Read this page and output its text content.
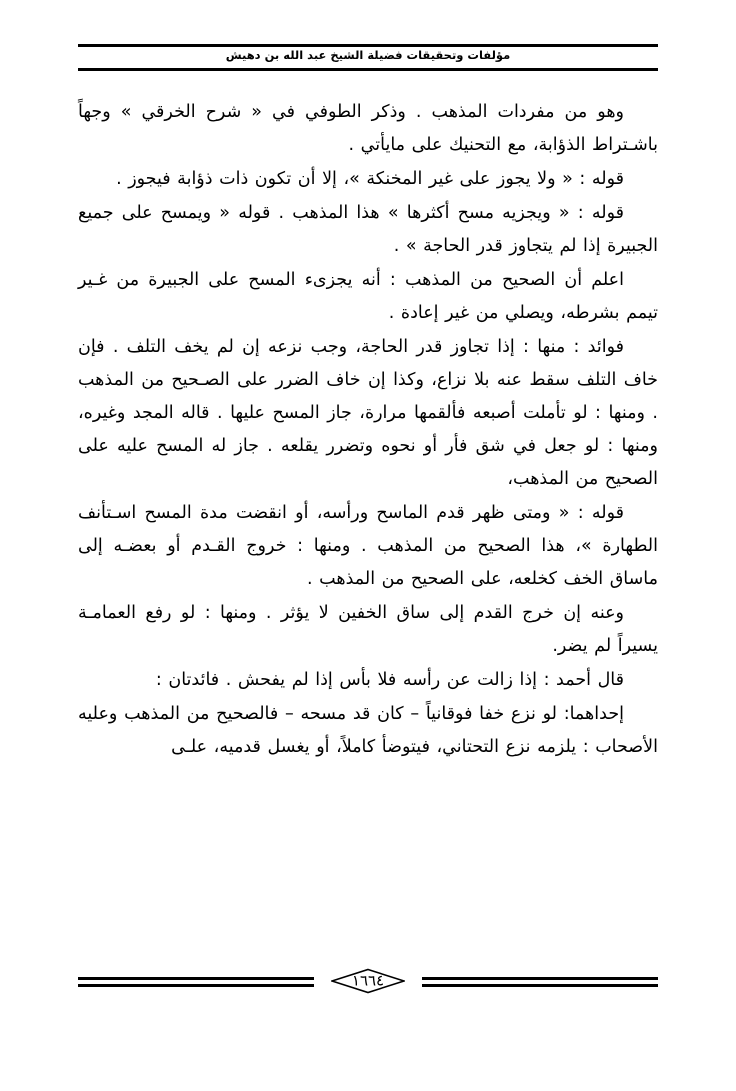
مؤلفات وتحقيقات فضيلة الشيخ عبد الله بن دهيش

وهو من مفردات المذهب . وذكر الطوفي في « شرح الخرقي » وجهاً باشـتراط الذؤابة، مع التحنيك على مايأتي .

قوله : « ولا يجوز على غير المخنكة »، إلا أن تكون ذات ذؤابة فيجوز .

قوله : « ويجزيه مسح أكثرها » هذا المذهب . قوله « ويمسح على جميع الجبيرة إذا لم يتجاوز قدر الحاجة » .

اعلم أن الصحيح من المذهب : أنه يجزىء المسح على الجبيرة من غـير تيمم بشرطه، ويصلي من غير إعادة .

فوائد : منها : إذا تجاوز قدر الحاجة، وجب نزعه إن لم يخف التلف . فإن خاف التلف سقط عنه بلا نزاع، وكذا إن خاف الضرر على الصـحيح من المذهب . ومنها : لو تأملت أصبعه فألقمها مرارة، جاز المسح عليها . قاله المجد وغيره، ومنها : لو جعل في شق فأر أو نحوه وتضرر يقلعه . جاز له المسح عليه على الصحيح من المذهب،

قوله : « ومتى ظهر قدم الماسح ورأسه، أو انقضت مدة المسح اسـتأنف الطهارة »، هذا الصحيح من المذهب . ومنها : خروج القـدم أو بعضـه إلى ماساق الخف كخلعه، على الصحيح من المذهب .

وعنه إن خرج القدم إلى ساق الخفين لا يؤثر . ومنها : لو رفع العمامـة يسيراً لم يضر.

قال أحمد : إذا زالت عن رأسه فلا بأس إذا لم يفحش . فائدتان :

إحداهما: لو نزع خفا فوقانياً – كان قد مسحه – فالصحيح من المذهب وعليه الأصحاب : يلزمه نزع التحتاني، فيتوضأ كاملاً، أو يغسل قدميه، علـى

١٦٦٤
